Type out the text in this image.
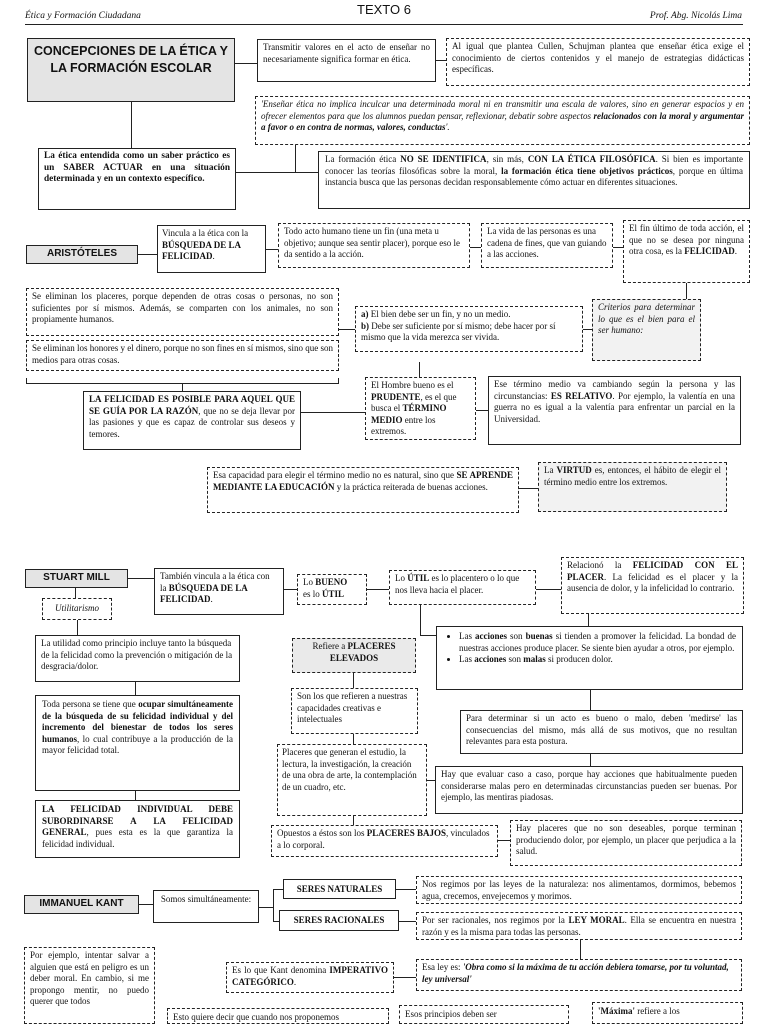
Ética y Formación Ciudadana	TEXTO 6	Prof. Abg. Nicolás Lima
CONCEPCIONES DE LA ÉTICA Y LA FORMACIÓN ESCOLAR
Transmitir valores en el acto de enseñar no necesariamente significa formar en ética.
Al igual que plantea Cullen, Schujman plantea que enseñar ética exige el conocimiento de ciertos contenidos y el manejo de estrategias didácticas específicas.
'Enseñar ética no implica inculcar una determinada moral ni en transmitir una escala de valores, sino en generar espacios y en ofrecer elementos para que los alumnos puedan pensar, reflexionar, debatir sobre aspectos relacionados con la moral y argumentar a favor o en contra de normas, valores, conductas'.
La ética entendida como un saber práctico es un SABER ACTUAR en una situación determinada y en un contexto específico.
La formación ética NO SE IDENTIFICA, sin más, CON LA ÉTICA FILOSÓFICA. Si bien es importante conocer las teorías filosóficas sobre la moral, la formación ética tiene objetivos prácticos, porque en última instancia busca que las personas decidan responsablemente cómo actuar en diferentes situaciones.
ARISTÓTELES
Vincula a la ética con la BÚSQUEDA DE LA FELICIDAD.
Todo acto humano tiene un fin (una meta u objetivo; aunque sea sentir placer), porque eso le da sentido a la acción.
La vida de las personas es una cadena de fines, que van guiando a las acciones.
El fin último de toda acción, el que no se desea por ninguna otra cosa, es la FELICIDAD.
Se eliminan los placeres, porque dependen de otras cosas o personas, no son suficientes por sí mismos. Además, se comparten con los animales, no son propiamente humanos.
Se eliminan los honores y el dinero, porque no son fines en sí mismos, sino que son medios para otras cosas.
a) El bien debe ser un fin, y no un medio.
b) Debe ser suficiente por sí mismo; debe hacer por sí mismo que la vida merezca ser vivida.
Criterios para determinar lo que es el bien para el ser humano:
LA FELICIDAD ES POSIBLE PARA AQUEL QUE SE GUÍA POR LA RAZÓN, que no se deja llevar por las pasiones y que es capaz de controlar sus deseos y temores.
El Hombre bueno es el PRUDENTE, es el que busca el TÉRMINO MEDIO entre los extremos.
Ese término medio va cambiando según la persona y las circunstancias: ES RELATIVO. Por ejemplo, la valentía en una guerra no es igual a la valentía para enfrentar un parcial en la Universidad.
Esa capacidad para elegir el término medio no es natural, sino que SE APRENDE MEDIANTE LA EDUCACIÓN y la práctica reiterada de buenas acciones.
La VIRTUD es, entonces, el hábito de elegir el término medio entre los extremos.
STUART MILL
Utilitarismo
También vincula a la ética con la BÚSQUEDA DE LA FELICIDAD.
Lo BUENO
es lo ÚTIL
Lo ÚTIL es lo placentero o lo que nos lleva hacia el placer.
Relacionó la FELICIDAD CON EL PLACER. La felicidad es el placer y la ausencia de dolor, y la infelicidad lo contrario.
La utilidad como principio incluye tanto la búsqueda de la felicidad como la prevención o mitigación de la desgracia/dolor.
Refiere a PLACERES ELEVADOS
• Las acciones son buenas si tienden a promover la felicidad. La bondad de nuestras acciones produce placer. Se siente bien ayudar a otros, por ejemplo.
• Las acciones son malas si producen dolor.
Toda persona se tiene que ocupar simultáneamente de la búsqueda de su felicidad individual y del incremento del bienestar de todos los seres humanos, lo cual contribuye a la producción de la mayor felicidad total.
Son los que refieren a nuestras capacidades creativas e intelectuales	Para determinar si un acto es bueno o malo, deben 'medirse' las consecuencias del mismo, más allá de sus motivos, que no resultan relevantes para esta postura.
Placeres que generan el estudio, la lectura, la investigación, la creación de una obra de arte, la contemplación de un cuadro, etc.
Hay que evaluar caso a caso, porque hay acciones que habitualmente pueden considerarse malas pero en determinadas circunstancias pueden ser buenas. Por ejemplo, las mentiras piadosas.
LA FELICIDAD INDIVIDUAL DEBE SUBORDINARSE A LA FELICIDAD GENERAL, pues esta es la que garantiza la felicidad individual.
Opuestos a éstos son los PLACERES BAJOS, vinculados a lo corporal.
Hay placeres que no son deseables, porque terminan produciendo dolor, por ejemplo, un placer que perjudica a la salud.
IMMANUEL KANT	Somos simultáneamente:
SERES NATURALES	Nos regimos por las leyes de la naturaleza: nos alimentamos, dormimos, bebemos agua, crecemos, envejecemos y morimos.
SERES RACIONALES	Por ser racionales, nos regimos por la LEY MORAL. Ella se encuentra en nuestra razón y es la misma para todas las personas.
Por ejemplo, intentar salvar a alguien que está en peligro es un deber moral. En cambio, si me propongo mentir, no puedo querer que todos
Es lo que Kant denomina IMPERATIVO CATEGÓRICO.
Esa ley es: 'Obra como si la máxima de tu acción debiera tomarse, por tu voluntad, ley universal'
Esto quiere decir que cuando nos proponemos	Esos principios deben ser	'Máxima' refiere a los
